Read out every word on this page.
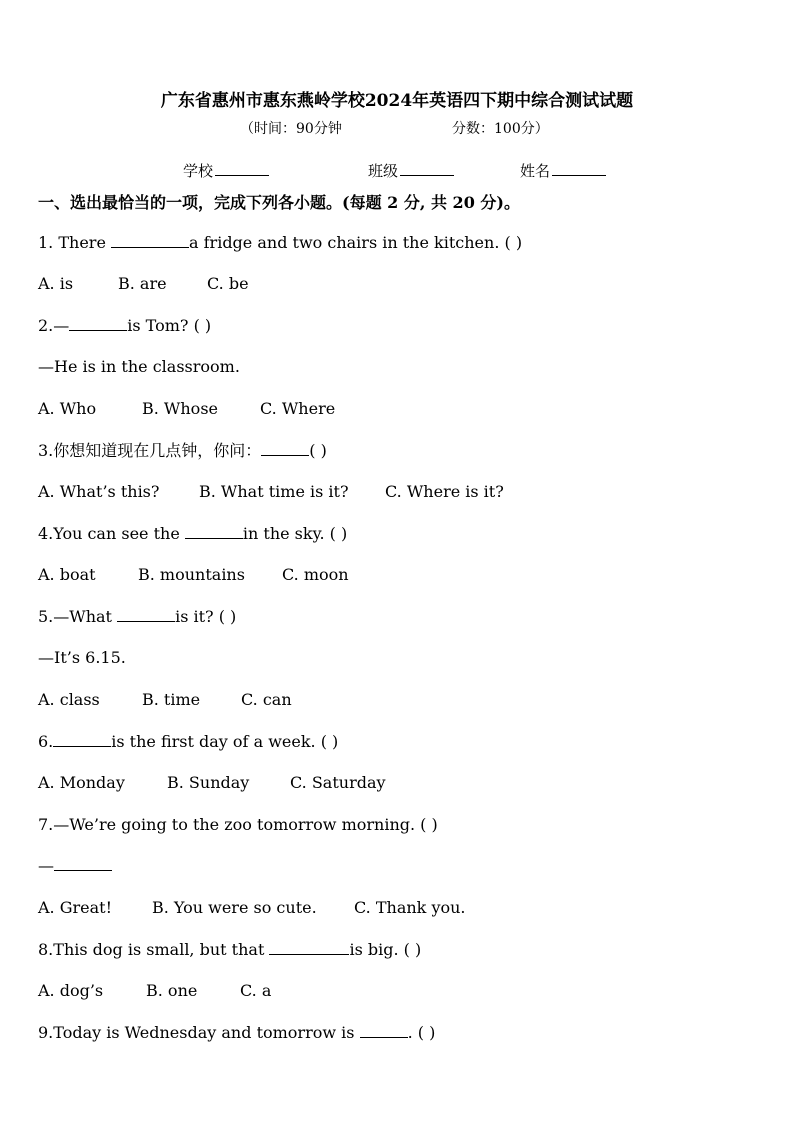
广东省惠州市惠东燕岭学校2024年英语四下期中综合测试试题
（时间：90分钟	分数：100分）
学校	班级	姓名
一、选出最恰当的一项，完成下列各小题。(每题 2 分, 共 20 分)。
1. There	a fridge and two chairs in the kitchen. ( )
A. is	B. are	C. be
2.—	is Tom? ( )
—He is in the classroom.
A. Who	B. Whose	C. Where
3.你想知道现在几点钟，你问：	( )
A. What’s this? B. What time is it? C. Where is it?
4.You can see the	in the sky. ( )
A. boat	B. mountains C. moon
5.—What	is it? ( )
—It’s 6.15.
A. class	B. time	C. can
6.	is the first day of a week. ( )
A. Monday	B. Sunday	C. Saturday
7.—We’re going to the zoo tomorrow morning. ( )
—
A. Great! B. You were so cute. C. Thank you.
8.This dog is small, but that	is big. ( )
A. dog’s	B. one	C. a
9.Today is Wednesday and tomorrow is	. ( )
